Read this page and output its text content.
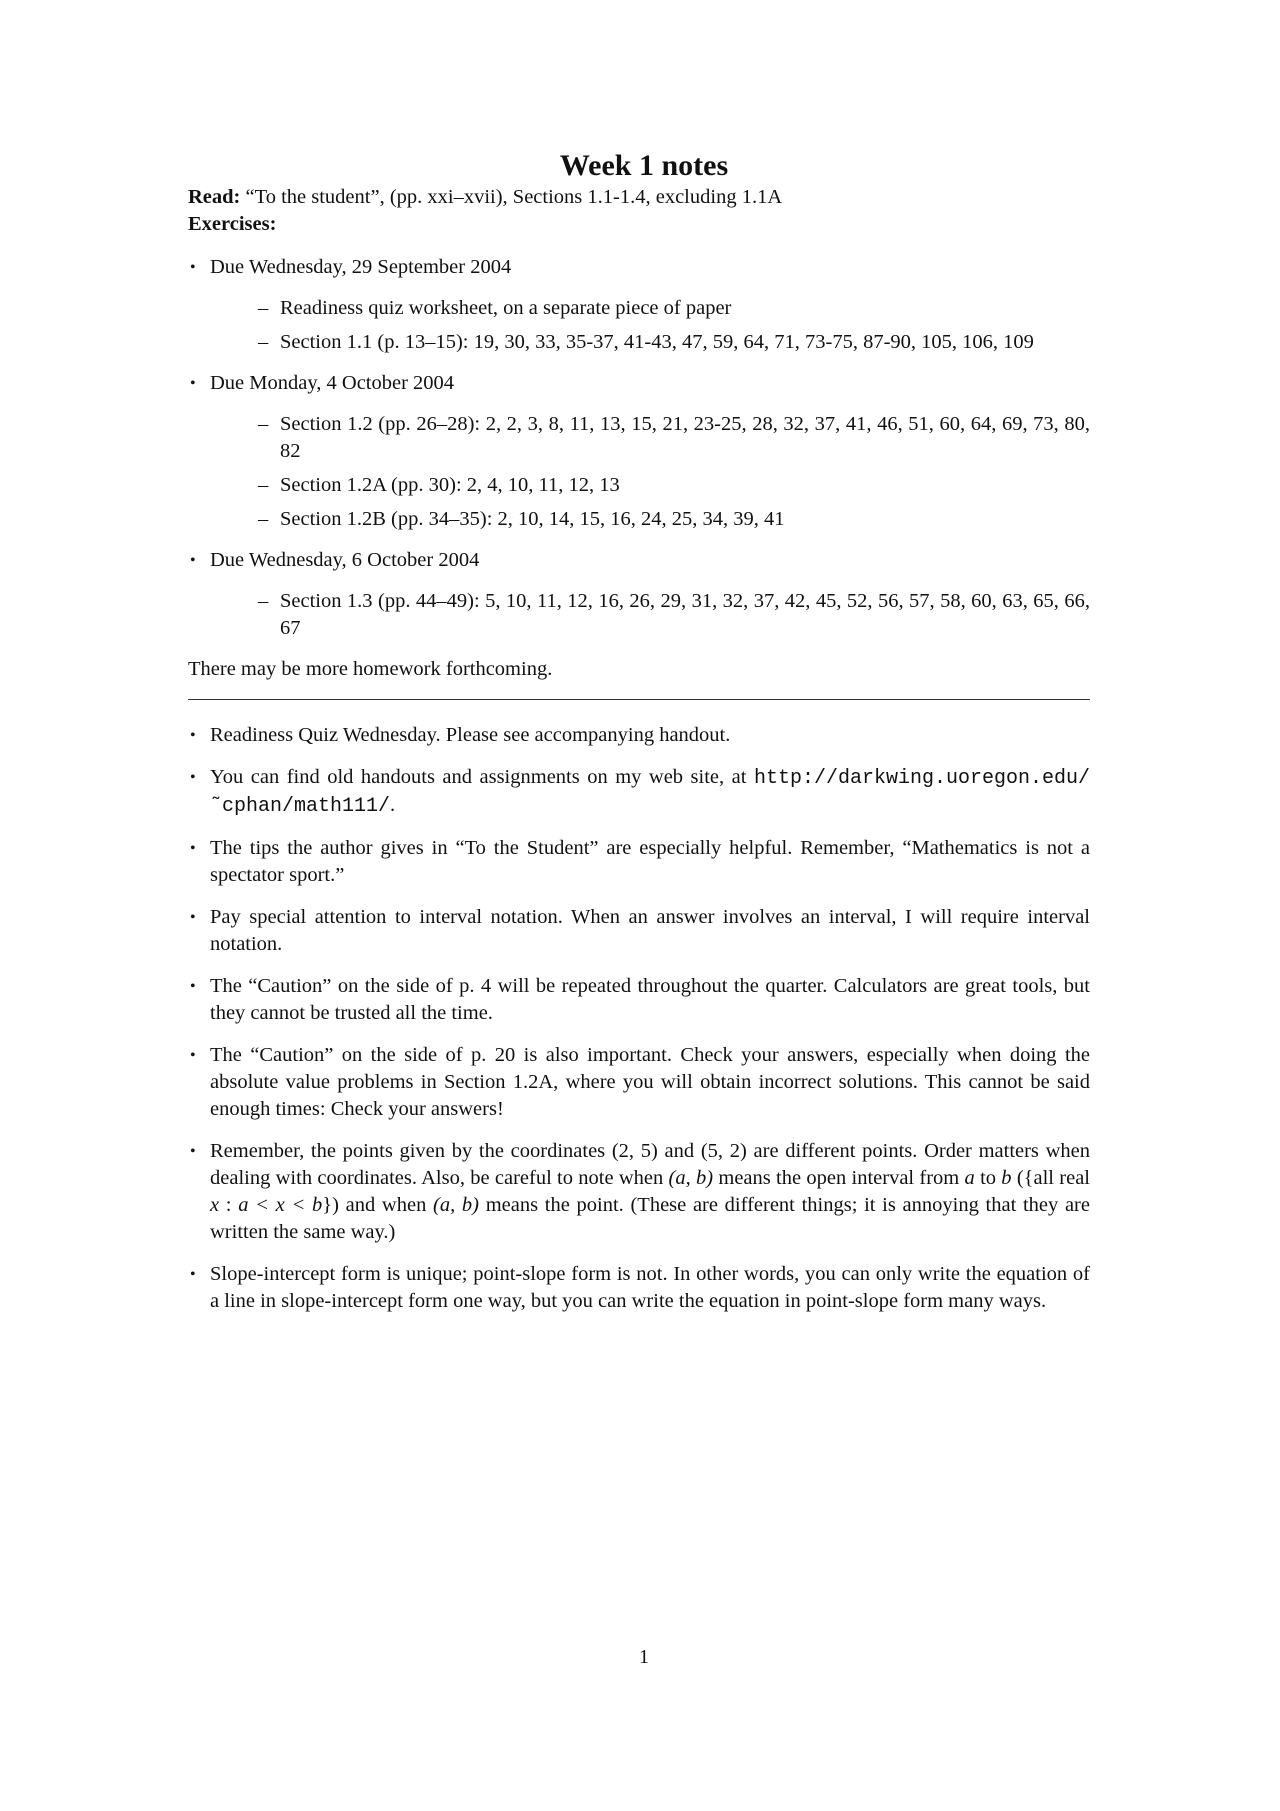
Week 1 notes

Read: “To the student”, (pp. xxi–xvii), Sections 1.1-1.4, excluding 1.1A

Exercises:

• Due Wednesday, 29 September 2004
– Readiness quiz worksheet, on a separate piece of paper
– Section 1.1 (p. 13–15): 19, 30, 33, 35-37, 41-43, 47, 59, 64, 71, 73-75, 87-90, 105, 106, 109
• Due Monday, 4 October 2004
– Section 1.2 (pp. 26–28): 2, 2, 3, 8, 11, 13, 15, 21, 23-25, 28, 32, 37, 41, 46, 51, 60, 64, 69, 73, 80, 82
– Section 1.2A (pp. 30): 2, 4, 10, 11, 12, 13
– Section 1.2B (pp. 34–35): 2, 10, 14, 15, 16, 24, 25, 34, 39, 41
• Due Wednesday, 6 October 2004
– Section 1.3 (pp. 44–49): 5, 10, 11, 12, 16, 26, 29, 31, 32, 37, 42, 45, 52, 56, 57, 58, 60, 63, 65, 66, 67

There may be more homework forthcoming.

• Readiness Quiz Wednesday. Please see accompanying handout.
• You can find old handouts and assignments on my web site, at http://darkwing.uoregon.edu/˜cphan/math111/.
• The tips the author gives in “To the Student” are especially helpful. Remember, “Mathematics is not a spectator sport.”
• Pay special attention to interval notation. When an answer involves an interval, I will require interval notation.
• The “Caution” on the side of p. 4 will be repeated throughout the quarter. Calculators are great tools, but they cannot be trusted all the time.
• The “Caution” on the side of p. 20 is also important. Check your answers, especially when doing the absolute value problems in Section 1.2A, where you will obtain incorrect solutions. This cannot be said enough times: Check your answers!
• Remember, the points given by the coordinates (2, 5) and (5, 2) are different points. Order matters when dealing with coordinates. Also, be careful to note when (a, b) means the open interval from a to b ({all real x : a < x < b}) and when (a, b) means the point. (These are different things; it is annoying that they are written the same way.)
• Slope-intercept form is unique; point-slope form is not. In other words, you can only write the equation of a line in slope-intercept form one way, but you can write the equation in point-slope form many ways.
1
